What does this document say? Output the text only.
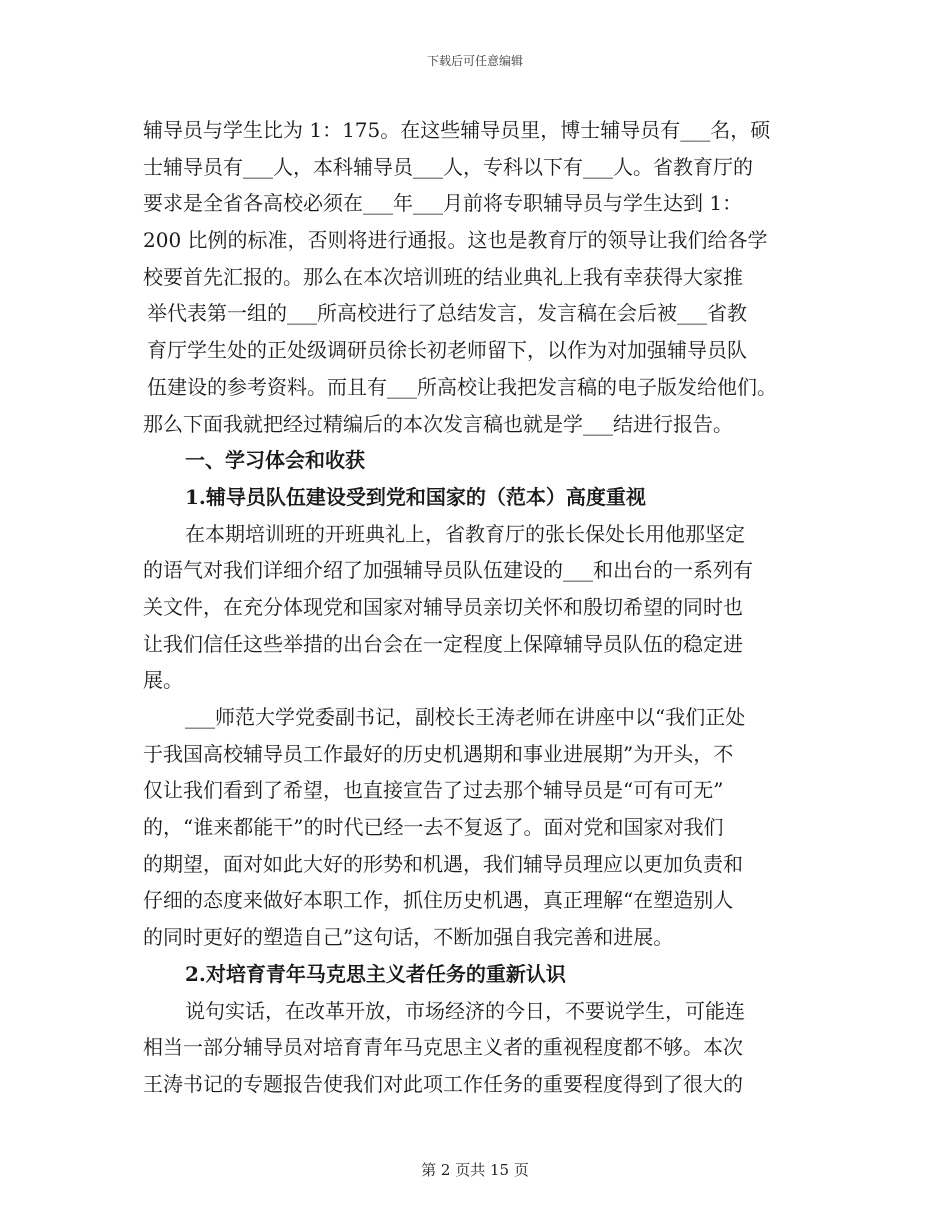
下载后可任意编辑
辅导员与学生比为 1：175。在这些辅导员里，博士辅导员有___名，硕
士辅导员有___人，本科辅导员___人，专科以下有___人。省教育厅的
要求是全省各高校必须在___年___月前将专职辅导员与学生达到 1：
200 比例的标准，否则将进行通报。这也是教育厅的领导让我们给各学
校要首先汇报的。那么在本次培训班的结业典礼上我有幸获得大家推
举代表第一组的___所高校进行了总结发言，发言稿在会后被___省教
育厅学生处的正处级调研员徐长初老师留下，以作为对加强辅导员队
伍建设的参考资料。而且有___所高校让我把发言稿的电子版发给他们。
那么下面我就把经过精编后的本次发言稿也就是学___结进行报告。
一、学习体会和收获
1.辅导员队伍建设受到党和国家的（范本）高度重视
在本期培训班的开班典礼上，省教育厅的张长保处长用他那坚定
的语气对我们详细介绍了加强辅导员队伍建设的___和出台的一系列有
关文件，在充分体现党和国家对辅导员亲切关怀和殷切希望的同时也
让我们信任这些举措的出台会在一定程度上保障辅导员队伍的稳定进
展。
___师范大学党委副书记，副校长王涛老师在讲座中以“我们正处
于我国高校辅导员工作最好的历史机遇期和事业进展期”为开头，不
仅让我们看到了希望，也直接宣告了过去那个辅导员是“可有可无”
的，“谁来都能干”的时代已经一去不复返了。面对党和国家对我们
的期望，面对如此大好的形势和机遇，我们辅导员理应以更加负责和
仔细的态度来做好本职工作，抓住历史机遇，真正理解“在塑造别人
的同时更好的塑造自己”这句话，不断加强自我完善和进展。
2.对培育青年马克思主义者任务的重新认识
说句实话，在改革开放，市场经济的今日，不要说学生，可能连
相当一部分辅导员对培育青年马克思主义者的重视程度都不够。本次
王涛书记的专题报告使我们对此项工作任务的重要程度得到了很大的
第 2 页共 15 页
